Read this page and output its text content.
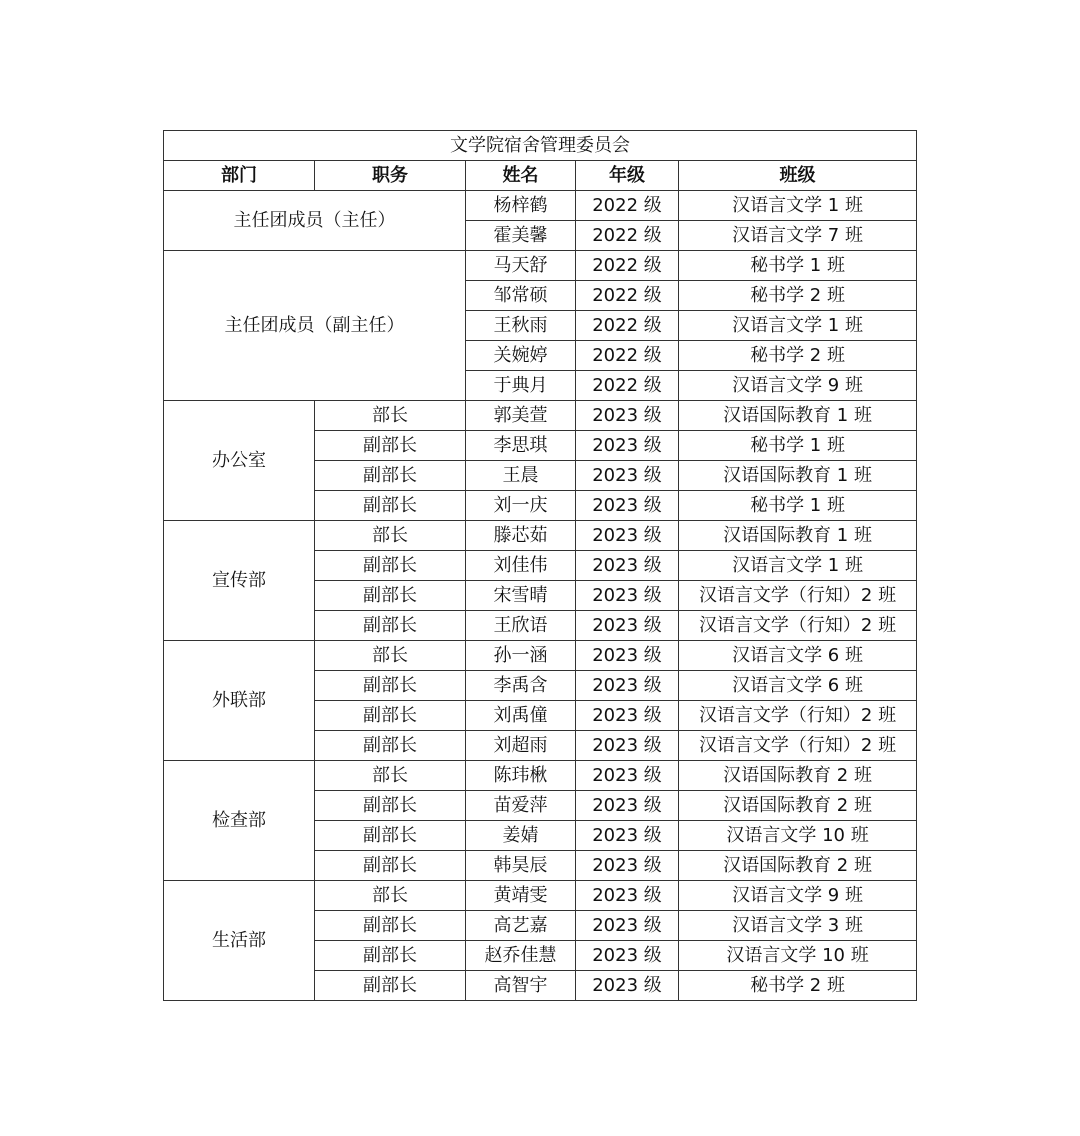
文学院宿舍管理委员会				
部门	职务	姓名	年级	班级
主任团成员（主任）		杨梓鹤	2022 级	汉语言文学 1 班
		霍美馨	2022 级	汉语言文学 7 班
主任团成员（副主任）		马天舒	2022 级	秘书学 1 班
		邹常硕	2022 级	秘书学 2 班
		王秋雨	2022 级	汉语言文学 1 班
		关婉婷	2022 级	秘书学 2 班
		于典月	2022 级	汉语言文学 9 班
办公室	部长	郭美萱	2023 级	汉语国际教育 1 班
	副部长	李思琪	2023 级	秘书学 1 班
	副部长	王晨	2023 级	汉语国际教育 1 班
	副部长	刘一庆	2023 级	秘书学 1 班
宣传部	部长	滕芯茹	2023 级	汉语国际教育 1 班
	副部长	刘佳伟	2023 级	汉语言文学 1 班
	副部长	宋雪晴	2023 级	汉语言文学（行知）2 班
	副部长	王欣语	2023 级	汉语言文学（行知）2 班
外联部	部长	孙一涵	2023 级	汉语言文学 6 班
	副部长	李禹含	2023 级	汉语言文学 6 班
	副部长	刘禹僮	2023 级	汉语言文学（行知）2 班
	副部长	刘超雨	2023 级	汉语言文学（行知）2 班
检查部	部长	陈玮楸	2023 级	汉语国际教育 2 班
	副部长	苗爱萍	2023 级	汉语国际教育 2 班
	副部长	姜婧	2023 级	汉语言文学 10 班
	副部长	韩昊辰	2023 级	汉语国际教育 2 班
生活部	部长	黄靖雯	2023 级	汉语言文学 9 班
	副部长	高艺嘉	2023 级	汉语言文学 3 班
	副部长	赵乔佳慧	2023 级	汉语言文学 10 班
	副部长	高智宇	2023 级	秘书学 2 班
